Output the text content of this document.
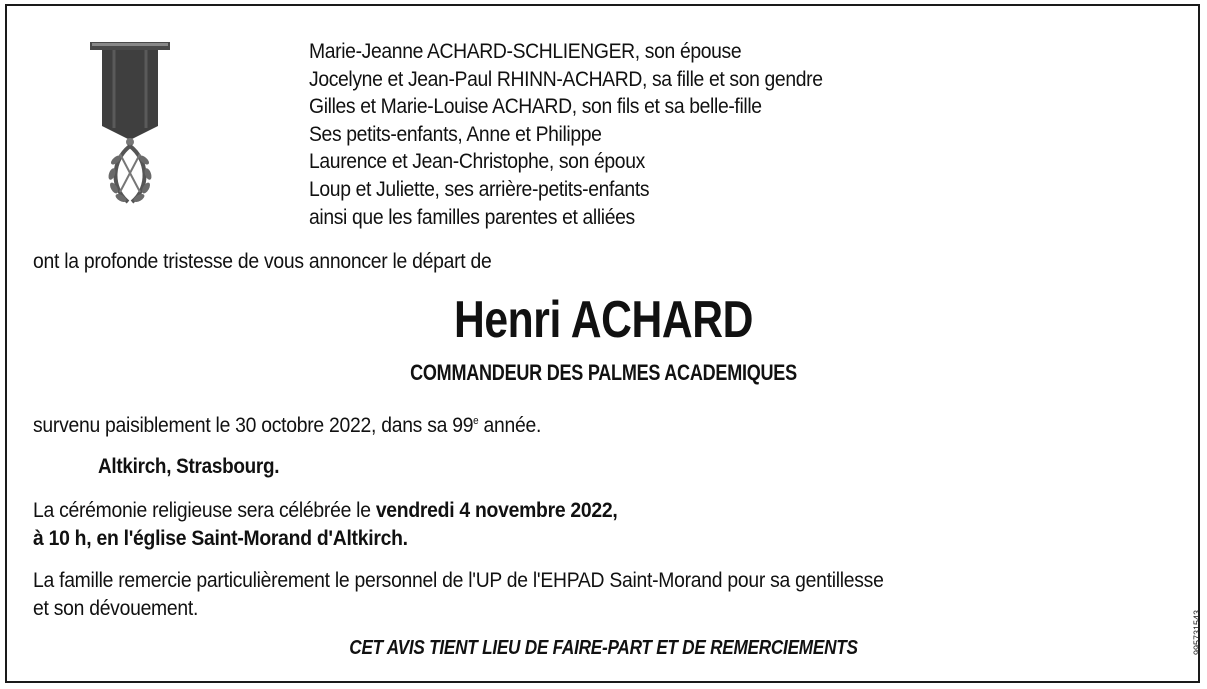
Marie-Jeanne ACHARD-SCHLIENGER, son épouse
Jocelyne et Jean-Paul RHINN-ACHARD, sa fille et son gendre
Gilles et Marie-Louise ACHARD, son fils et sa belle-fille
Ses petits-enfants, Anne et Philippe
Laurence et Jean-Christophe, son époux
Loup et Juliette, ses arrière-petits-enfants
ainsi que les familles parentes et alliées
ont la profonde tristesse de vous annoncer le départ de
Henri ACHARD
COMMANDEUR DES PALMES ACADEMIQUES
survenu paisiblement le 30 octobre 2022, dans sa 99e année.
Altkirch, Strasbourg.
La cérémonie religieuse sera célébrée le vendredi 4 novembre 2022,
à 10 h, en l'église Saint-Morand d'Altkirch.
La famille remercie particulièrement le personnel de l'UP de l'EHPAD Saint-Morand pour sa gentillesse
et son dévouement.
CET AVIS TIENT LIEU DE FAIRE-PART ET DE REMERCIEMENTS	995731543
